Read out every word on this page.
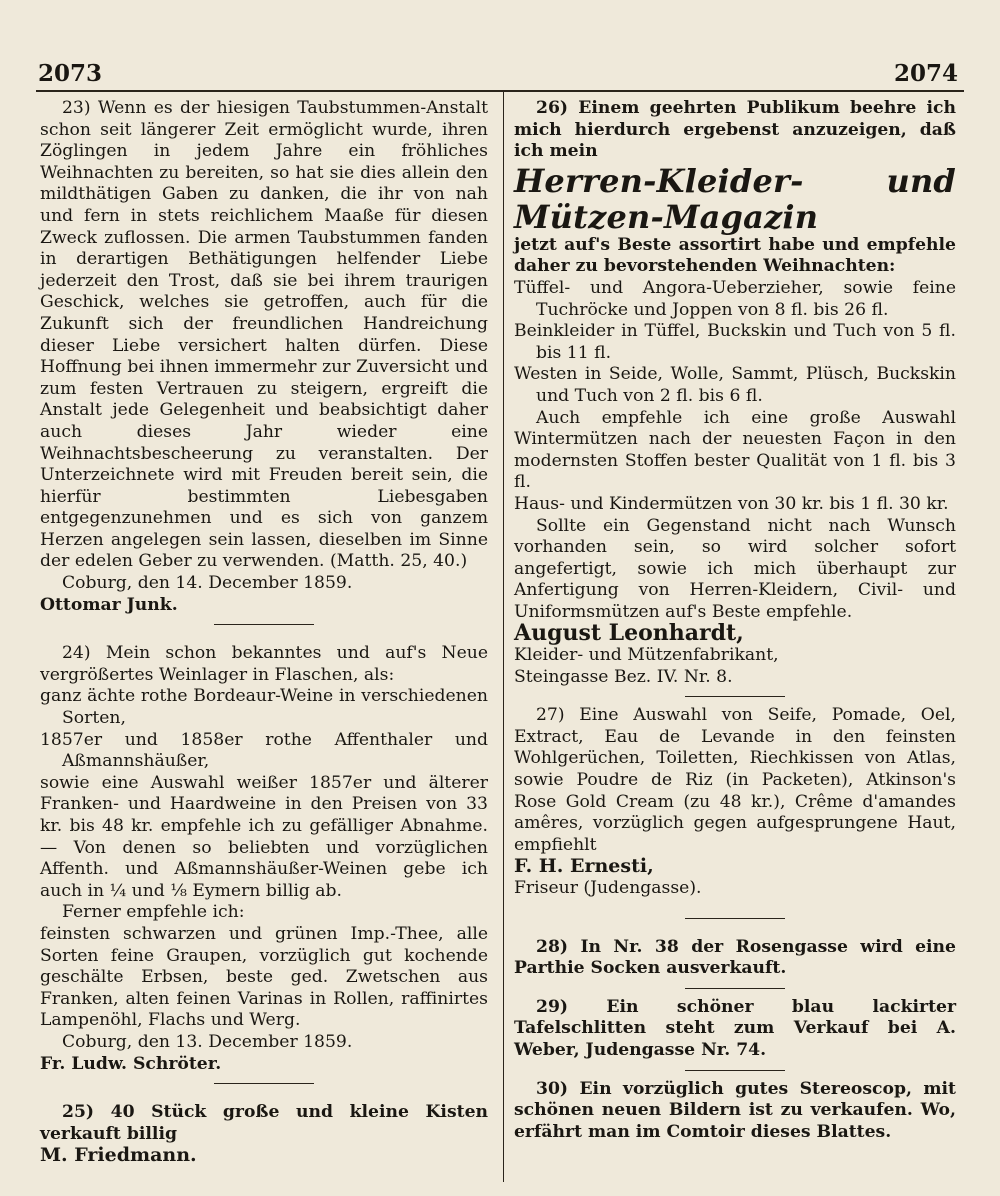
2073	2074

23) Wenn es der hiesigen Taubstummen-Anstalt schon seit längerer Zeit ermöglicht wurde, ihren Zöglingen in jedem Jahre ein fröhliches Weihnachten zu bereiten, so hat sie dies allein den mildthätigen Gaben zu danken, die ihr von nah und fern in stets reichlichem Maaße für diesen Zweck zuflossen. Die armen Taubstummen fanden in derartigen Bethätigungen helfender Liebe jederzeit den Trost, daß sie bei ihrem traurigen Geschick, welches sie getroffen, auch für die Zukunft sich der freundlichen Handreichung dieser Liebe versichert halten dürfen. Diese Hoffnung bei ihnen immermehr zur Zuversicht und zum festen Vertrauen zu steigern, ergreift die Anstalt jede Gelegenheit und beabsichtigt daher auch dieses Jahr wieder eine Weihnachtsbescheerung zu veranstalten. Der Unterzeichnete wird mit Freuden bereit sein, die hierfür bestimmten Liebesgaben entgegenzunehmen und es sich von ganzem Herzen angelegen sein lassen, dieselben im Sinne der edelen Geber zu verwenden. (Matth. 25, 40.)

Coburg, den 14. December 1859.

Ottomar Junk.

24) Mein schon bekanntes und auf's Neue vergrößertes Weinlager in Flaschen, als:

ganz ächte rothe Bordeaur-Weine in verschiedenen Sorten,

1857er und 1858er rothe Affenthaler und Aßmannshäußer,

sowie eine Auswahl weißer 1857er und älterer Franken- und Haardweine in den Preisen von 33 kr. bis 48 kr. empfehle ich zu gefälliger Abnahme. — Von denen so beliebten und vorzüglichen Affenth. und Aßmannshäußer-Weinen gebe ich auch in ¼ und ⅛ Eymern billig ab.

Ferner empfehle ich:

feinsten schwarzen und grünen Imp.-Thee, alle Sorten feine Graupen, vorzüglich gut kochende geschälte Erbsen, beste ged. Zwetschen aus Franken, alten feinen Varinas in Rollen, raffinirtes Lampenöhl, Flachs und Werg.

Coburg, den 13. December 1859.

Fr. Ludw. Schröter.

25) 40 Stück große und kleine Kisten verkauft billig

M. Friedmann.

26) Einem geehrten Publikum beehre ich mich hierdurch ergebenst anzuzeigen, daß ich mein

Herren-Kleider- und Mützen-Magazin

jetzt auf's Beste assortirt habe und empfehle daher zu bevorstehenden Weihnachten:

Tüffel- und Angora-Ueberzieher, sowie feine Tuchröcke und Joppen von 8 fl. bis 26 fl.

Beinkleider in Tüffel, Buckskin und Tuch von 5 fl. bis 11 fl.

Westen in Seide, Wolle, Sammt, Plüsch, Buckskin und Tuch von 2 fl. bis 6 fl.

Auch empfehle ich eine große Auswahl Wintermützen nach der neuesten Façon in den modernsten Stoffen bester Qualität von 1 fl. bis 3 fl.

Haus- und Kindermützen von 30 kr. bis 1 fl. 30 kr.

Sollte ein Gegenstand nicht nach Wunsch vorhanden sein, so wird solcher sofort angefertigt, sowie ich mich überhaupt zur Anfertigung von Herren-Kleidern, Civil- und Uniformsmützen auf's Beste empfehle.

August Leonhardt,

Kleider- und Mützenfabrikant,

Steingasse Bez. IV. Nr. 8.

27) Eine Auswahl von Seife, Pomade, Oel, Extract, Eau de Levande in den feinsten Wohlgerüchen, Toiletten, Riechkissen von Atlas, sowie Poudre de Riz (in Packeten), Atkinson's Rose Gold Cream (zu 48 kr.), Crême d'amandes amêres, vorzüglich gegen aufgesprungene Haut, empfiehlt

F. H. Ernesti,

Friseur (Judengasse).

28) In Nr. 38 der Rosengasse wird eine Parthie Socken ausverkauft.

29) Ein schöner blau lackirter Tafelschlitten steht zum Verkauf bei A. Weber, Judengasse Nr. 74.

30) Ein vorzüglich gutes Stereoscop, mit schönen neuen Bildern ist zu verkaufen. Wo, erfährt man im Comtoir dieses Blattes.
